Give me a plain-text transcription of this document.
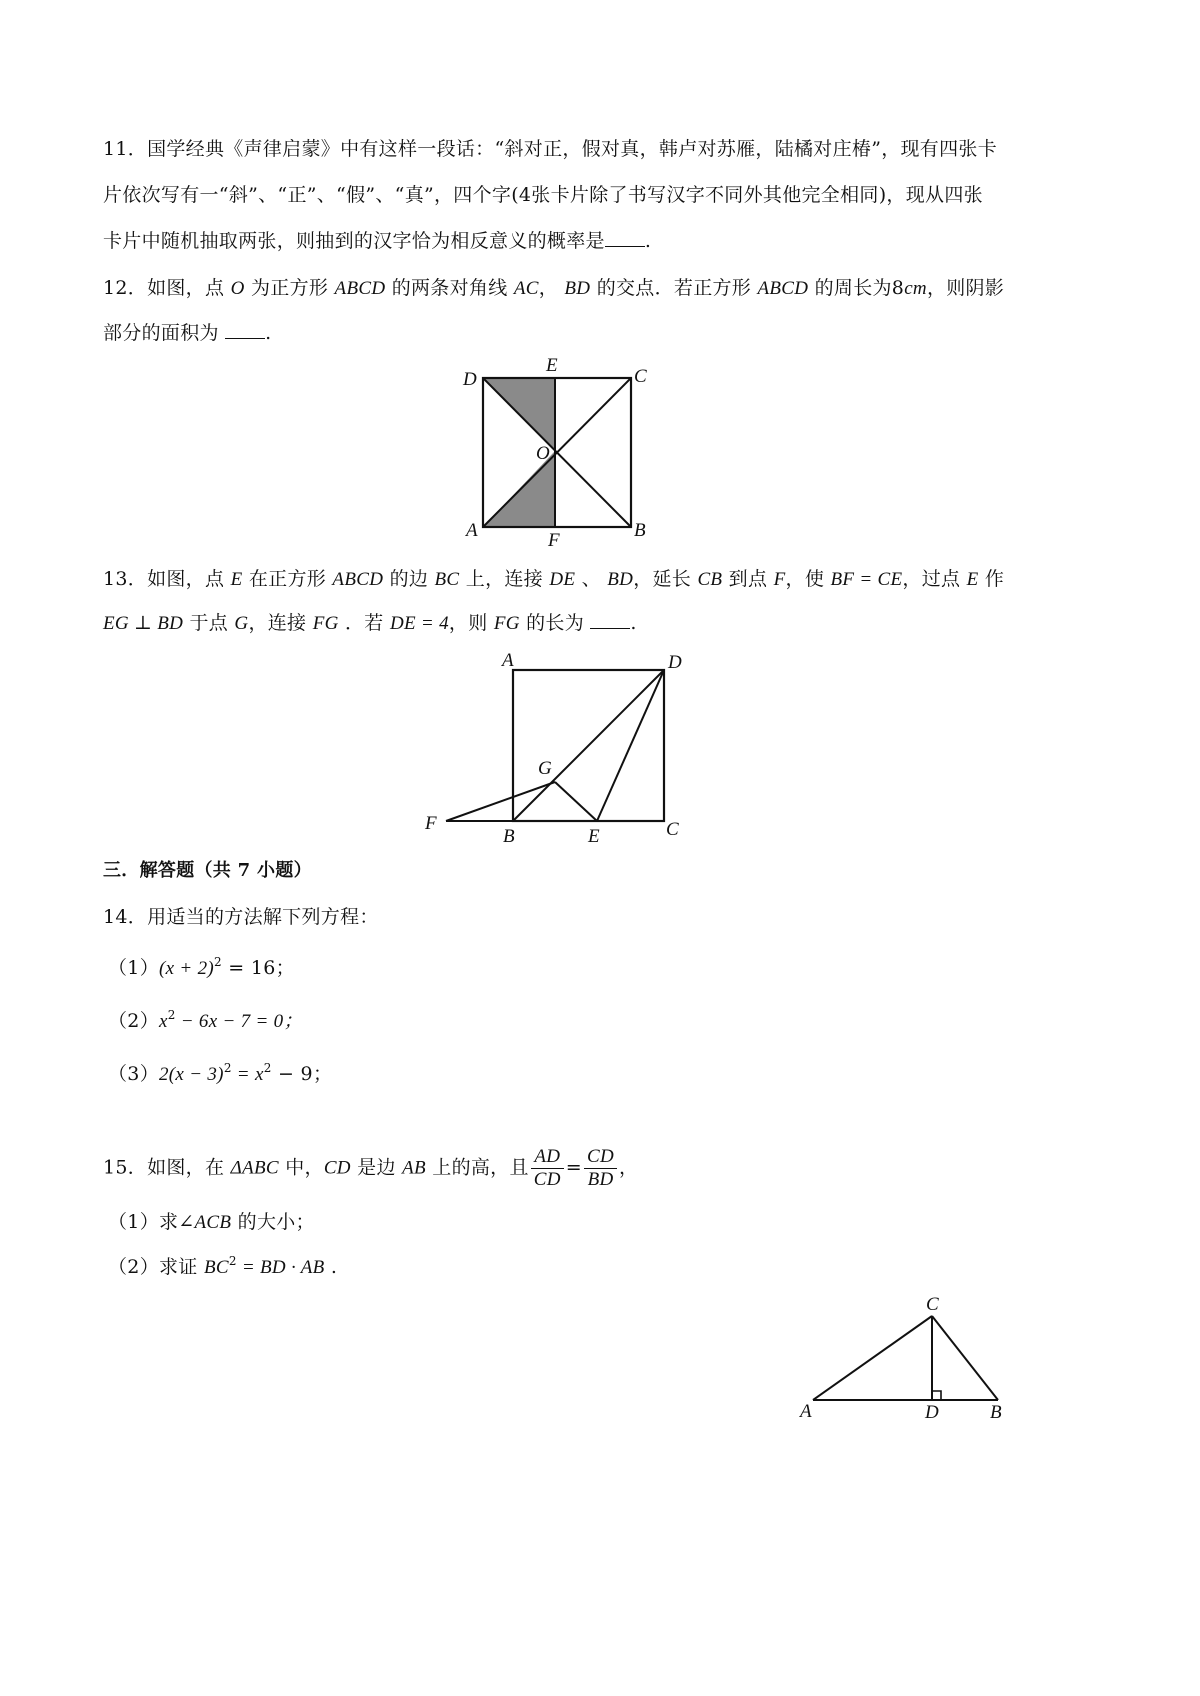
11．国学经典《声律启蒙》中有这样一段话：“斜对正，假对真，韩卢对苏雁，陆橘对庄椿”，现有四张卡
片依次写有一“斜”、“正”、“假”、“真”，四个字(4张卡片除了书写汉字不同外其他完全相同)，现从四张
卡片中随机抽取两张，则抽到的汉字恰为相反意义的概率是 .
12．如图，点 O 为正方形 ABCD 的两条对角线 AC， BD 的交点．若正方形 ABCD 的周长为8cm，则阴影
部分的面积为 .
D
E
C
O
A	F	B
13．如图，点 E 在正方形 ABCD 的边 BC 上，连接 DE 、 BD，延长 CB 到点 F，使 BF = CE，过点 E 作
EG ⊥ BD 于点 G，连接 FG ．若 DE = 4，则 FG 的长为 .
A	D
G
F
B	E	C
三．解答题（共 7 小题）
14．用适当的方法解下列方程：
$(1)(x + 2)^2 = 16$；
$(2)x^2 - 6x - 7 = 0$；
$(3)2(x - 3)^2 = x^2 - 9$；
15．如图，在 ΔABC 中，CD 是边 AB 上的高，且 $\frac{AD}{CD} = \frac{CD}{BD}$ ，
（1）求∠ACB 的大小；
（2）求证 $BC^2$ = BD · AB .
C
A	D	B
